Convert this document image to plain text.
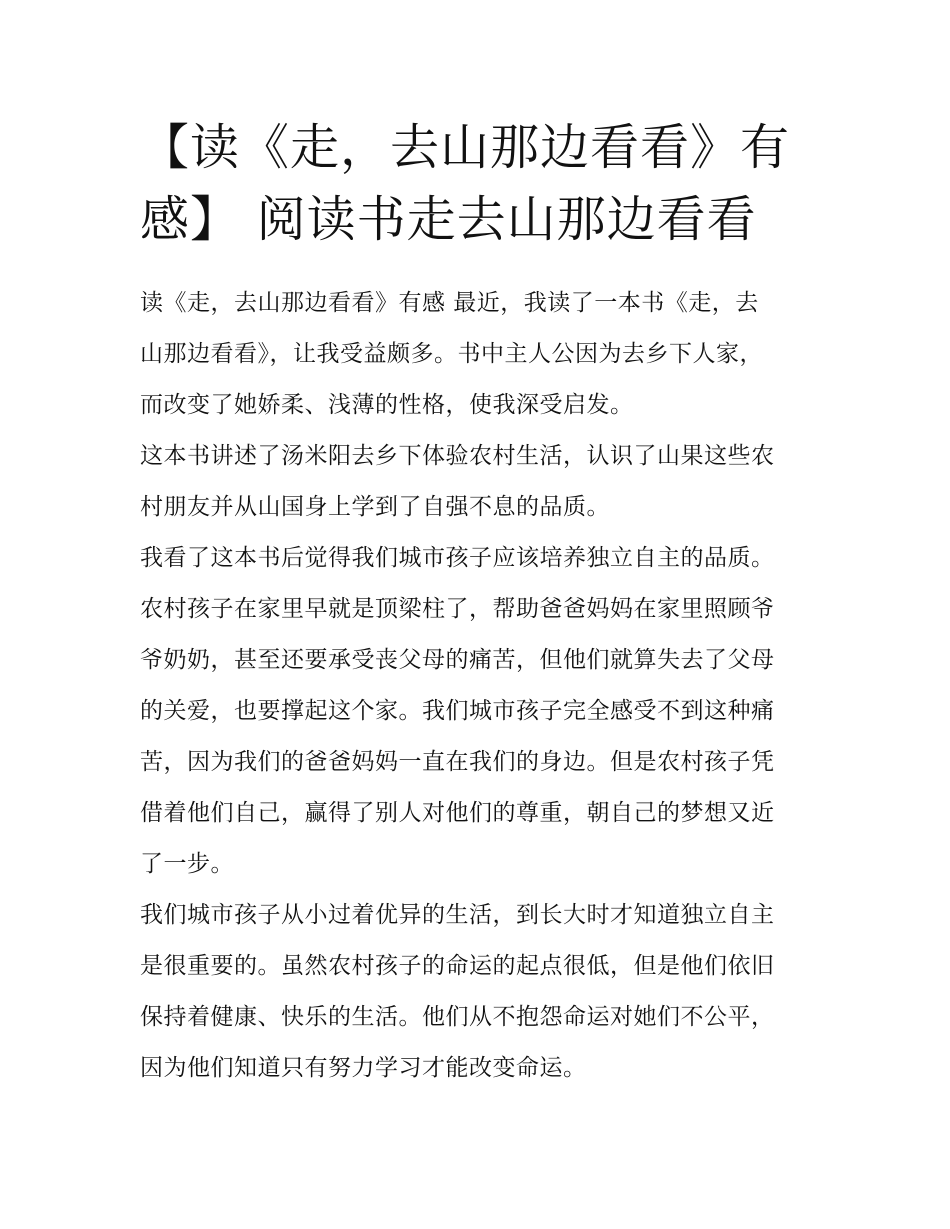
【读《走，去山那边看看》有
感】 阅读书走去山那边看看

读《走，去山那边看看》有感 最近，我读了一本书《走，去
山那边看看》，让我受益颇多。书中主人公因为去乡下人家，
而改变了她娇柔、浅薄的性格，使我深受启发。

这本书讲述了汤米阳去乡下体验农村生活，认识了山果这些农
村朋友并从山国身上学到了自强不息的品质。

我看了这本书后觉得我们城市孩子应该培养独立自主的品质。
农村孩子在家里早就是顶梁柱了，帮助爸爸妈妈在家里照顾爷
爷奶奶，甚至还要承受丧父母的痛苦，但他们就算失去了父母
的关爱，也要撑起这个家。我们城市孩子完全感受不到这种痛
苦，因为我们的爸爸妈妈一直在我们的身边。但是农村孩子凭
借着他们自己，赢得了别人对他们的尊重，朝自己的梦想又近
了一步。

我们城市孩子从小过着优异的生活，到长大时才知道独立自主
是很重要的。虽然农村孩子的命运的起点很低，但是他们依旧
保持着健康、快乐的生活。他们从不抱怨命运对她们不公平，
因为他们知道只有努力学习才能改变命运。
